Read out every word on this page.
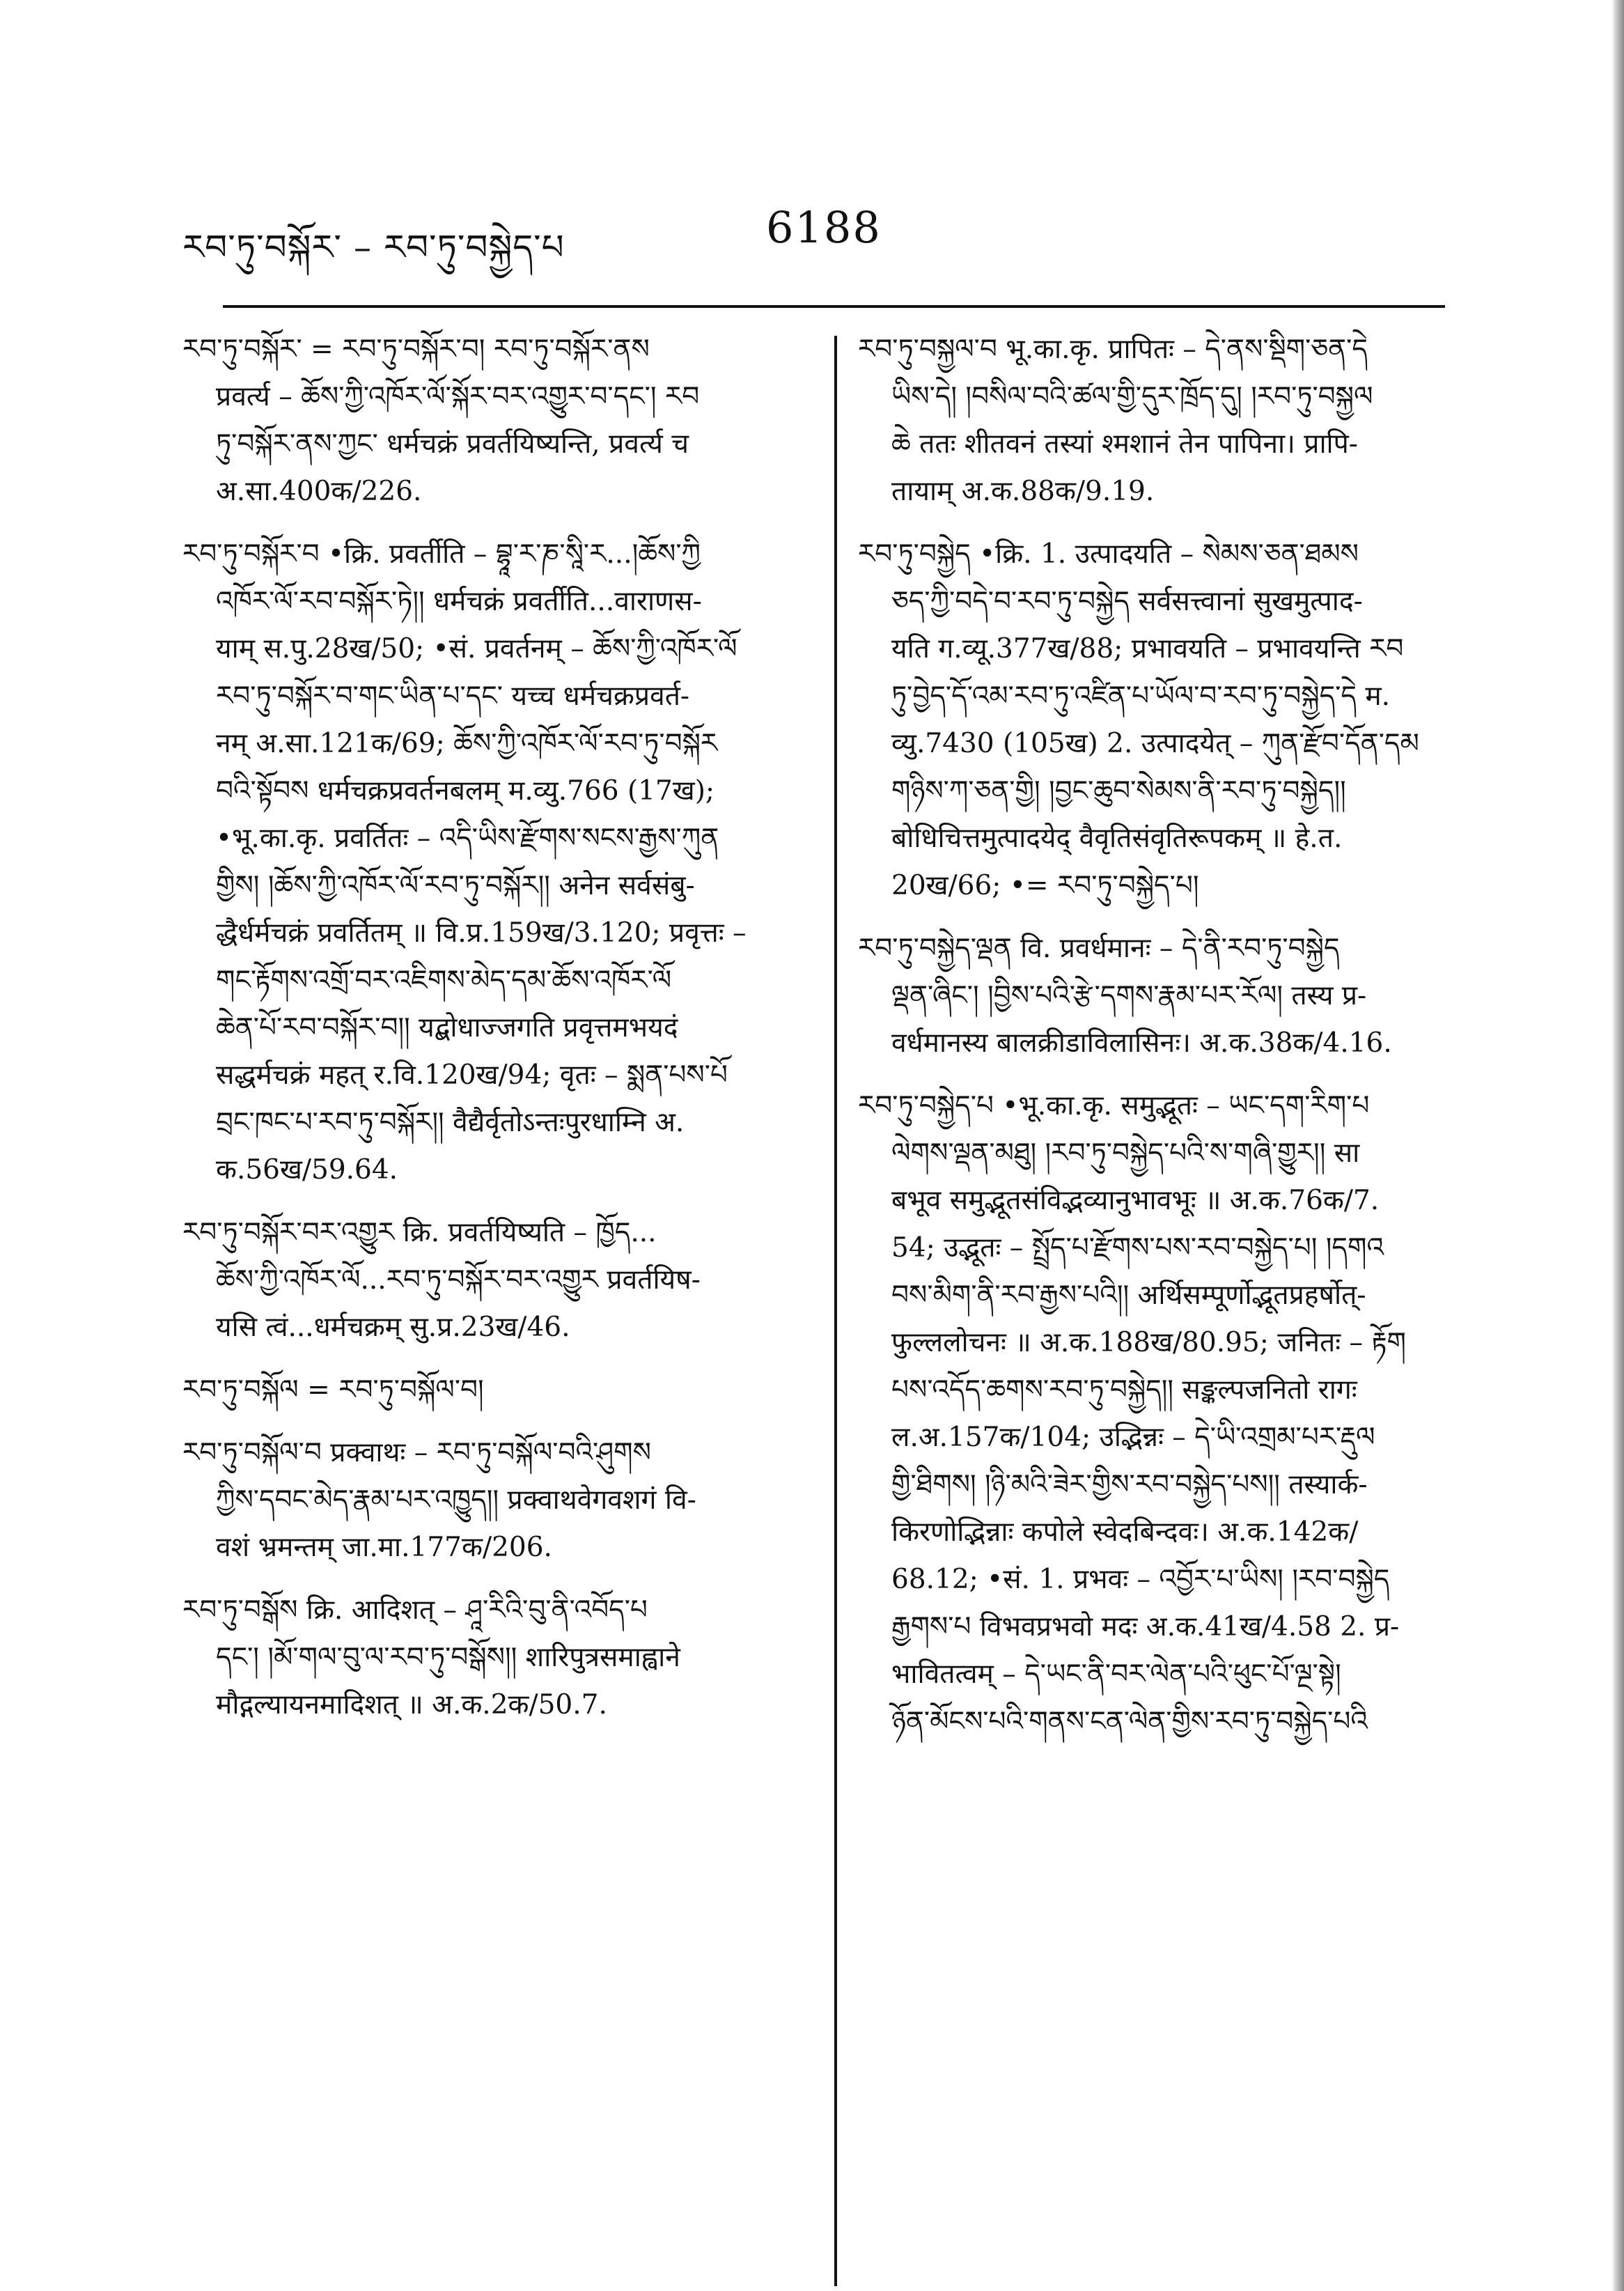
རབ་ཏུ་བསྐོར་ – རབ་ཏུ་བསྐྱེད་པ	6188
རབ་ཏུ་བསྐོར་ = རབ་ཏུ་བསྐོར་བ། རབ་ཏུ་བསྐོར་ནས
प्रवर्त्य – ཆོས་ཀྱི་འཁོར་ལོ་སྐོར་བར་འགྱུར་བ་དང་། རབ
ཏུ་བསྐོར་ནས་ཀྱང་ धर्मचक्रं प्रवर्तयिष्यन्ति, प्रवर्त्य च
अ.सा.400क/226.
རབ་ཏུ་བསྐོར་བ •क्रि. प्रवर्तीति – བྷཱ་ར་ཎ་སཱི་ར...།ཆོས་ཀྱི
འཁོར་ལོ་རབ་བསྐོར་ཏེ།། धर्मचक्रं प्रवर्तीति...वाराणस-
याम् स.पु.28ख/50; •सं. प्रवर्तनम् – ཆོས་ཀྱི་འཁོར་ལོ
རབ་ཏུ་བསྐོར་བ་གང་ཡིན་པ་དང་ यच्च धर्मचक्रप्रवर्त-
नम् अ.सा.121क/69; ཆོས་ཀྱི་འཁོར་ལོ་རབ་ཏུ་བསྐོར
བའི་སྟོབས धर्मचक्रप्रवर्तनबलम् म.व्यु.766 (17ख);
•भू.का.कृ. प्रवर्तितः – འདི་ཡིས་རྫོགས་སངས་རྒྱས་ཀུན
གྱིས། །ཆོས་ཀྱི་འཁོར་ལོ་རབ་ཏུ་བསྐོར།། अनेन सर्वसंबु-
द्धैर्धर्मचक्रं प्रवर्तितम् ॥ वि.प्र.159ख/3.120; प्रवृत्तः –
གང་རྟོགས་འགྲོ་བར་འཇིགས་མེད་དམ་ཆོས་འཁོར་ལོ
ཆེན་པོ་རབ་བསྐོར་བ།། यद्बोधाज्जगति प्रवृत्तमभयदं
सद्धर्मचक्रं महत् र.वि.120ख/94; वृतः – སྨན་པས་པོ
བྲང་ཁང་པ་རབ་ཏུ་བསྐོར།། वैद्यैर्वृतोऽन्तःपुरधाम्नि अ.
क.56ख/59.64.
རབ་ཏུ་བསྐོར་བར་འགྱུར क्रि. प्रवर्तयिष्यति – ཁྱོད...
ཆོས་ཀྱི་འཁོར་ལོ...རབ་ཏུ་བསྐོར་བར་འགྱུར प्रवर्तयिष-
यसि त्वं...धर्मचक्रम् सु.प्र.23ख/46.
རབ་ཏུ་བསྐོལ = རབ་ཏུ་བསྐོལ་བ།
རབ་ཏུ་བསྐོལ་བ प्रक्वाथः – རབ་ཏུ་བསྐོལ་བའི་ཤུགས
ཀྱིས་དབང་མེད་རྣམ་པར་འཁྱུད།། प्रक्वाथवेगवशगं वि-
वशं भ्रमन्तम् जा.मा.177क/206.
རབ་ཏུ་བསྒོས क्रि. आदिशत् – ཤཱ་རིའི་བུ་ནི་འབོད་པ
དང་། །མོ་གལ་བུ་ལ་རབ་ཏུ་བསྒོས།། शारिपुत्रसमाह्वाने
मौद्गल्यायनमादिशत् ॥ अ.क.2क/50.7.
རབ་ཏུ་བསྐྱལ་བ भू.का.कृ. प्रापितः – དེ་ནས་སྡིག་ཅན་དེ
ཡིས་དེ། །བསིལ་བའི་ཚལ་གྱི་དུར་ཁྲོད་དུ། །རབ་ཏུ་བསྐྱལ
ཆེ ततः शीतवनं तस्यां श्मशानं तेन पापिना। प्रापि-
तायाम् अ.क.88क/9.19.
རབ་ཏུ་བསྐྱེད •क्रि. 1. उत्पादयति – སེམས་ཅན་ཐམས
ཅད་ཀྱི་བདེ་བ་རབ་ཏུ་བསྐྱེད सर्वसत्त्वानां सुखमुत्पाद-
यति ग.व्यू.377ख/88; प्रभावयति – प्रभावयन्ति རབ
ཏུ་བྱེད་དོ་འམ་རབ་ཏུ་འཛིན་པ་ཡོལ་བ་རབ་ཏུ་བསྐྱེད་དེ म.
व्यु.7430 (105ख) 2. उत्पादयेत् – ཀུན་རྫོབ་དོན་དམ
གཉིས་ཀ་ཅན་གྱི། །བྱང་ཆུབ་སེམས་ནི་རབ་ཏུ་བསྐྱེད།།
बोधिचित्तमुत्पादयेद् वैवृतिसंवृतिरूपकम् ॥ हे.त.
20ख/66; •= རབ་ཏུ་བསྐྱེད་པ།
རབ་ཏུ་བསྐྱེད་ལྡན वि. प्रवर्धमानः – དེ་ནི་རབ་ཏུ་བསྐྱེད
ལྡན་ཞིང་། །བྱིས་པའི་རྩེ་དགས་རྣམ་པར་རོལ། तस्य प्र-
वर्धमानस्य बालक्रीडाविलासिनः। अ.क.38क/4.16.
རབ་ཏུ་བསྐྱེད་པ •भू.का.कृ. समुद्भूतः – ཡང་དག་རིག་པ
ལེགས་ལྡན་མཐུ། །རབ་ཏུ་བསྐྱེད་པའི་ས་གཞི་གྱུར།། सा
बभूव समुद्भूतसंविद्भव्यानुभावभूः ॥ अ.क.76क/7.
54; उद्भूतः – སྤྲོད་པ་རྫོགས་པས་རབ་བསྐྱེད་པ། །དགའ
བས་མིག་ནི་རབ་རྒྱས་པའི།། अर्थिसम्पूर्णोद्भूतप्रहर्षोत्-
फुल्ललोचनः ॥ अ.क.188ख/80.95; जनितः – རྟོག
པས་འདོད་ཆགས་རབ་ཏུ་བསྐྱེད།། सङ्कल्पजनितो रागः
ल.अ.157क/104; उद्भिन्नः – དེ་ཡི་འགྲམ་པར་རྡུལ
གྱི་ཐིགས། །ཉི་མའི་ཟེར་གྱིས་རབ་བསྐྱེད་པས།། तस्यार्क-
किरणोद्भिन्नाः कपोले स्वेदबिन्दवः। अ.क.142क/
68.12; •सं. 1. प्रभवः – འབྱོར་པ་ཡིས། །རབ་བསྐྱེད
རྒྱགས་པ विभवप्रभवो मदः अ.क.41ख/4.58 2. प्र-
भावितत्वम् – དེ་ཡང་ནི་བར་ལེན་པའི་ཕུང་པོ་ལྔ་སྟེ།
ཉོན་མོངས་པའི་གནས་ངན་ལེན་གྱིས་རབ་ཏུ་བསྐྱེད་པའི
